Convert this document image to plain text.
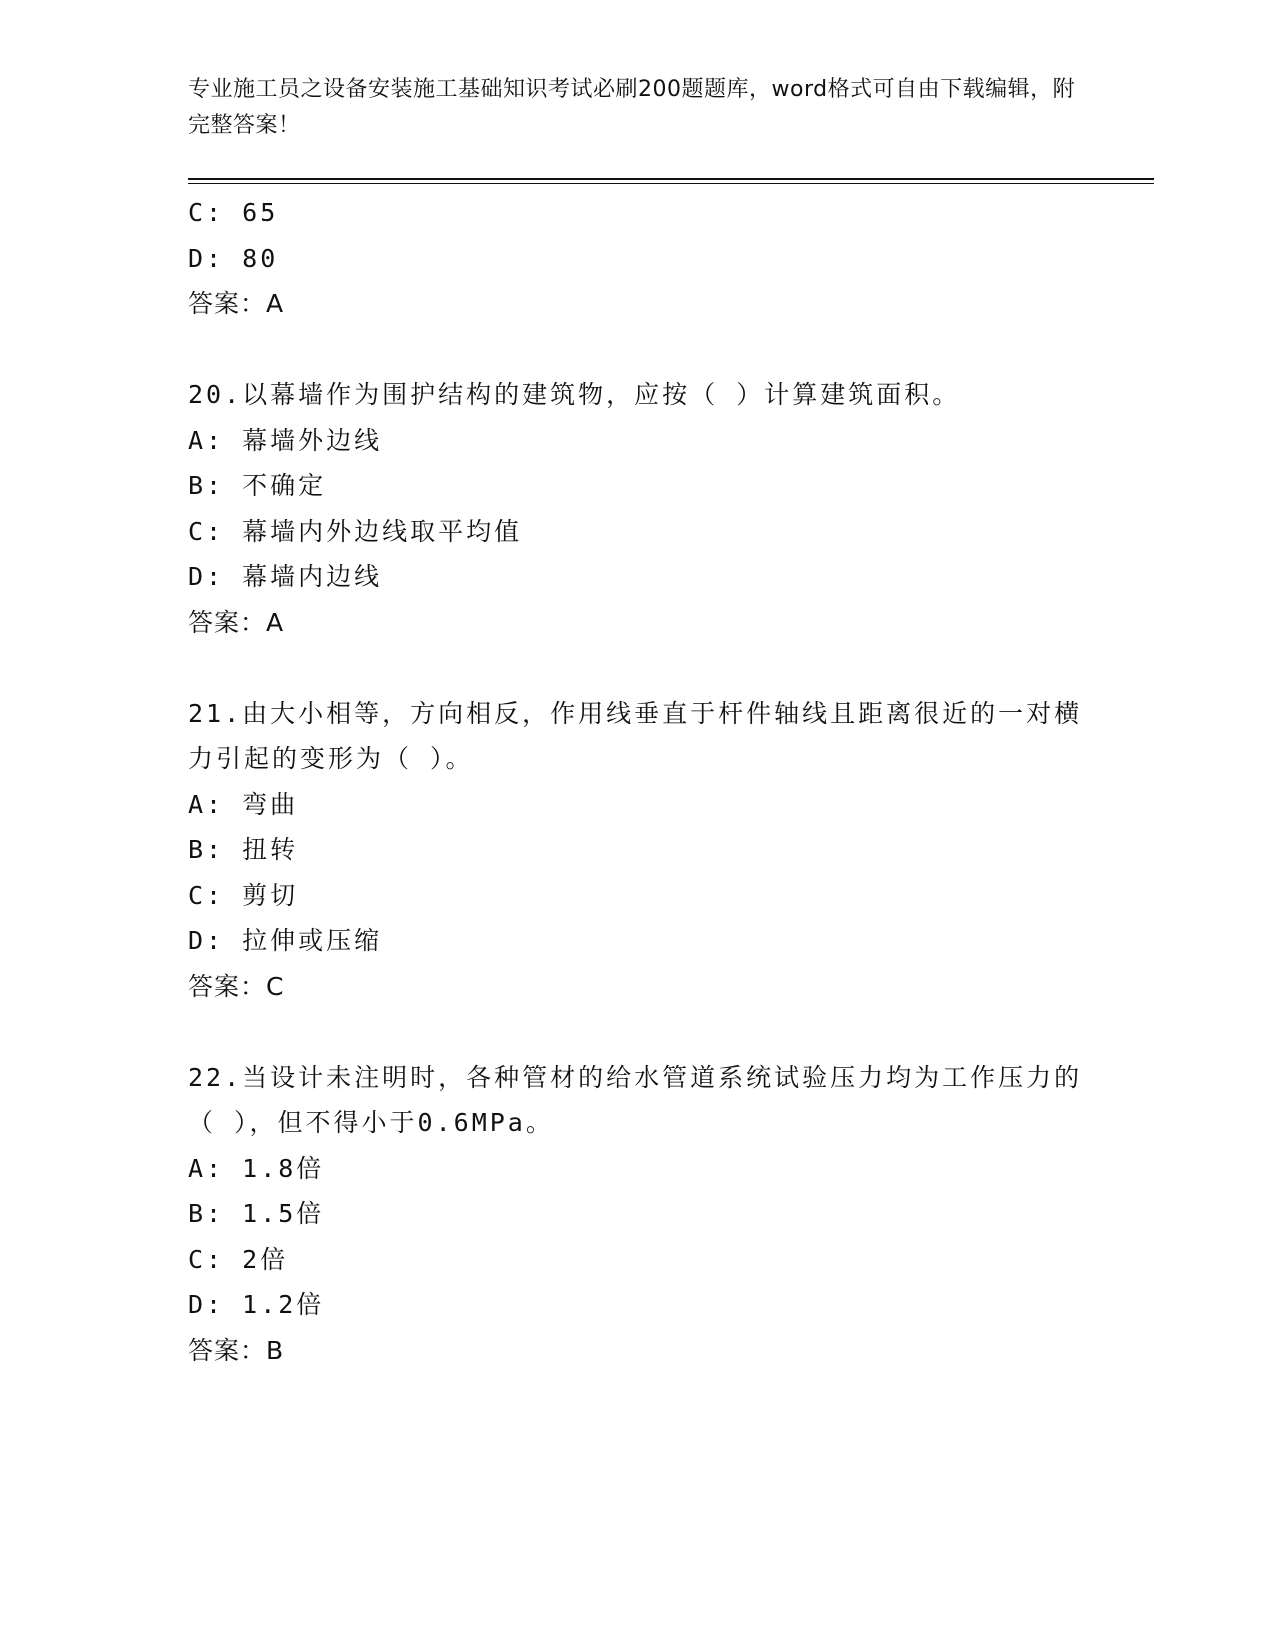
专业施工员之设备安装施工基础知识考试必刷200题题库，word格式可自由下载编辑，附完整答案！
C: 65
D: 80
答案：A
20.以幕墙作为围护结构的建筑物，应按（ ）计算建筑面积。
A: 幕墙外边线
B: 不确定
C: 幕墙内外边线取平均值
D: 幕墙内边线
答案：A
21.由大小相等，方向相反，作用线垂直于杆件轴线且距离很近的一对横力引起的变形为（ ）。
A: 弯曲
B: 扭转
C: 剪切
D: 拉伸或压缩
答案：C
22.当设计未注明时，各种管材的给水管道系统试验压力均为工作压力的（ ），但不得小于0.6MPa。
A: 1.8倍
B: 1.5倍
C: 2倍
D: 1.2倍
答案：B
